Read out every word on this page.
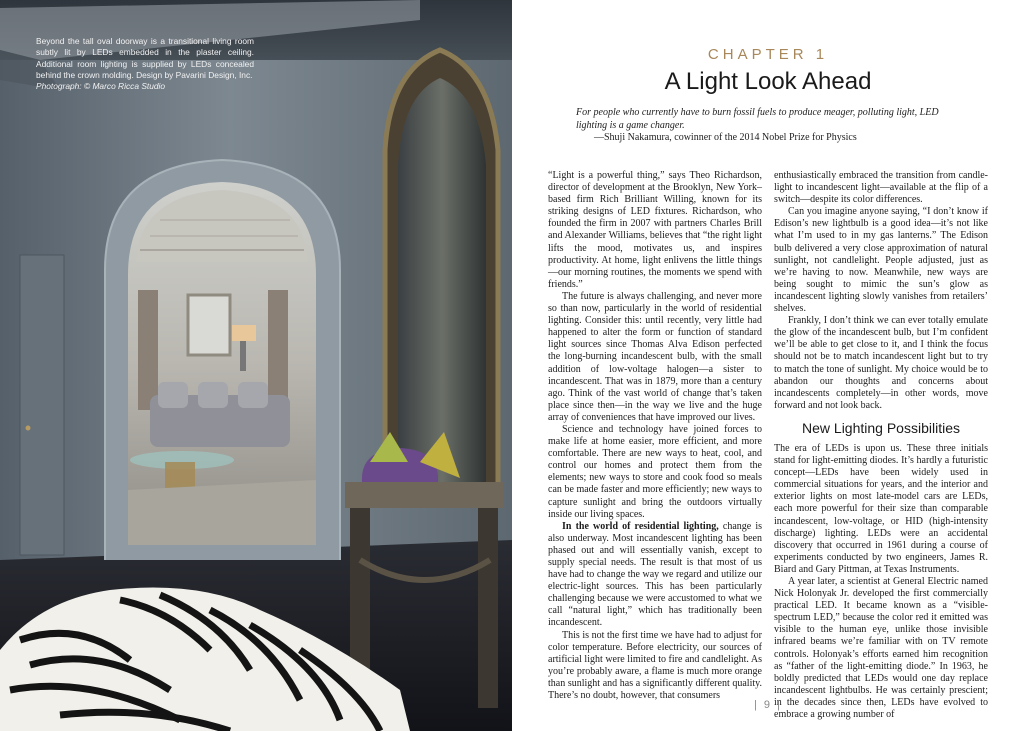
Beyond the tall oval doorway is a transitional living room subtly lit by LEDs embedded in the plaster ceiling. Additional room lighting is supplied by LEDs concealed behind the crown molding. Design by Pavarini Design, Inc.
Photograph: © Marco Ricca Studio
CHAPTER 1
A Light Look Ahead
For people who currently have to burn fossil fuels to produce meager, polluting light, LED lighting is a game changer.
—Shuji Nakamura, cowinner of the 2014 Nobel Prize for Physics

“Light is a powerful thing,” says Theo Richardson, director of development at the Brooklyn, New York–based firm Rich Brilliant Willing, known for its striking designs of LED fixtures. Richardson, who founded the firm in 2007 with partners Charles Brill and Alexander Williams, believes that “the right light lifts the mood, motivates us, and inspires productivity. At home, light enlivens the little things—our morning routines, the moments we spend with friends.”

The future is always challenging, and never more so than now, particularly in the world of residential lighting. Consider this: until recently, very little had happened to alter the form or function of standard light sources since Thomas Alva Edison perfected the long-burning incandescent bulb, with the small addition of low-voltage halogen—a sister to incandescent. That was in 1879, more than a century ago. Think of the vast world of change that’s taken place since then—in the way we live and the huge array of conveniences that have improved our lives.

Science and technology have joined forces to make life at home easier, more efficient, and more comfortable. There are new ways to heat, cool, and control our homes and protect them from the elements; new ways to store and cook food so meals can be made faster and more efficiently; new ways to capture sunlight and bring the outdoors virtually inside our living spaces.

In the world of residential lighting, change is also underway. Most incandescent lighting has been phased out and will essentially vanish, except to supply special needs. The result is that most of us have had to change the way we regard and utilize our electric-light sources. This has been particularly challenging because we were accustomed to what we call “natural light,” which has traditionally been incandescent.

This is not the first time we have had to adjust for color temperature. Before electricity, our sources of artificial light were limited to fire and candlelight. As you’re probably aware, a flame is much more orange than sunlight and has a significantly different quality. There’s no doubt, however, that consumers

enthusiastically embraced the transition from candle-light to incandescent light—available at the flip of a switch—despite its color differences.

Can you imagine anyone saying, “I don’t know if Edison’s new lightbulb is a good idea—it’s not like what I’m used to in my gas lanterns.” The Edison bulb delivered a very close approximation of natural sunlight, not candlelight. People adjusted, just as we’re having to now. Meanwhile, new ways are being sought to mimic the sun’s glow as incandescent lighting slowly vanishes from retailers’ shelves.

Frankly, I don’t think we can ever totally emulate the glow of the incandescent bulb, but I’m confident we’ll be able to get close to it, and I think the focus should not be to match incandescent light but to try to match the tone of sunlight. My choice would be to abandon our thoughts and concerns about incandescents completely—in other words, move forward and not look back.

New Lighting Possibilities

The era of LEDs is upon us. These three initials stand for light-emitting diodes. It’s hardly a futuristic concept—LEDs have been widely used in commercial situations for years, and the interior and exterior lights on most late-model cars are LEDs, each more powerful for their size than comparable incandescent, low-voltage, or HID (high-intensity discharge) lighting. LEDs were an accidental discovery that occurred in 1961 during a course of experiments conducted by two engineers, James R. Biard and Gary Pittman, at Texas Instruments.

A year later, a scientist at General Electric named Nick Holonyak Jr. developed the first commercially practical LED. It became known as a “visible-spectrum LED,” because the color red it emitted was visible to the human eye, unlike those invisible infrared beams we’re familiar with on TV remote controls. Holonyak’s efforts earned him recognition as “father of the light-emitting diode.” In 1963, he boldly predicted that LEDs would one day replace incandescent lightbulbs. He was certainly prescient; in the decades since then, LEDs have evolved to embrace a growing number of

| 9 |
